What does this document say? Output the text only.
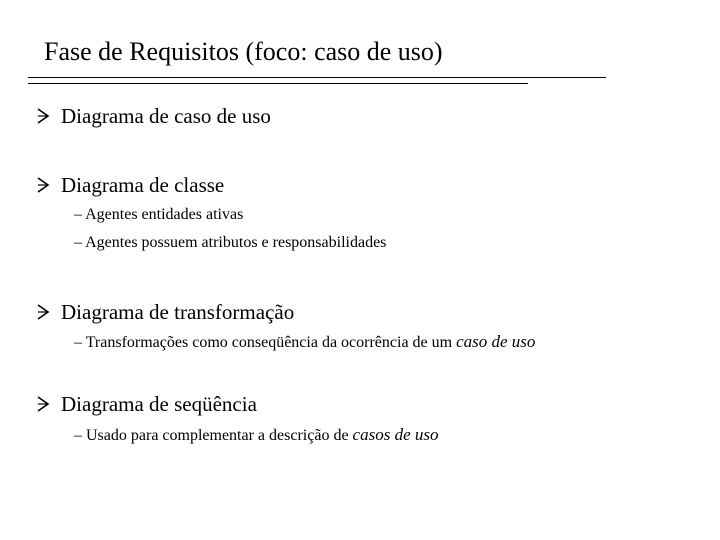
Fase de Requisitos (foco: caso de uso)
Diagrama de caso de uso
Diagrama de classe
– Agentes entidades ativas
– Agentes possuem atributos e responsabilidades
Diagrama de transformação
– Transformações como conseqüência da ocorrência de um caso de uso
Diagrama de seqüência
– Usado para complementar a descrição de casos de uso
